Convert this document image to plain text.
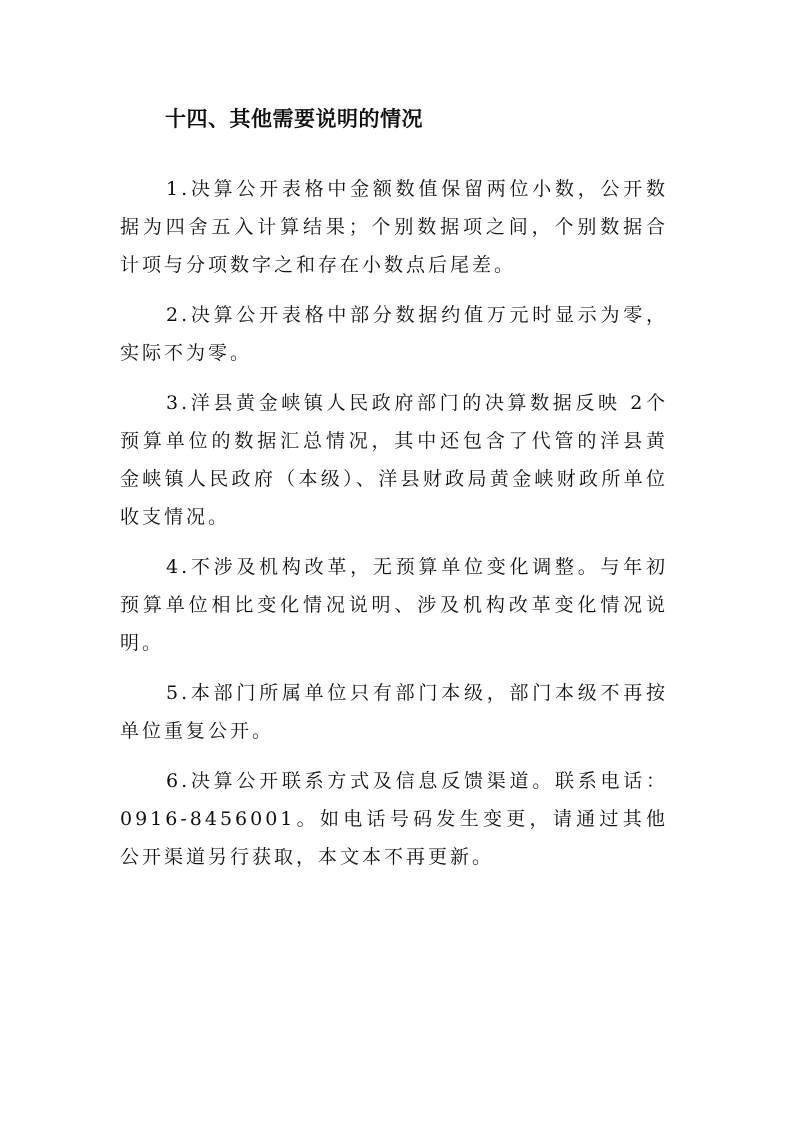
十四、其他需要说明的情况

1.决算公开表格中金额数值保留两位小数，公开数据为四舍五入计算结果；个别数据项之间，个别数据合计项与分项数字之和存在小数点后尾差。

2.决算公开表格中部分数据约值万元时显示为零，实际不为零。

3.洋县黄金峡镇人民政府部门的决算数据反映 2个预算单位的数据汇总情况，其中还包含了代管的洋县黄金峡镇人民政府（本级）、洋县财政局黄金峡财政所单位收支情况。

4.不涉及机构改革，无预算单位变化调整。与年初预算单位相比变化情况说明、涉及机构改革变化情况说明。

5.本部门所属单位只有部门本级，部门本级不再按单位重复公开。

6.决算公开联系方式及信息反馈渠道。联系电话：0916-8456001。如电话号码发生变更，请通过其他公开渠道另行获取，本文本不再更新。
